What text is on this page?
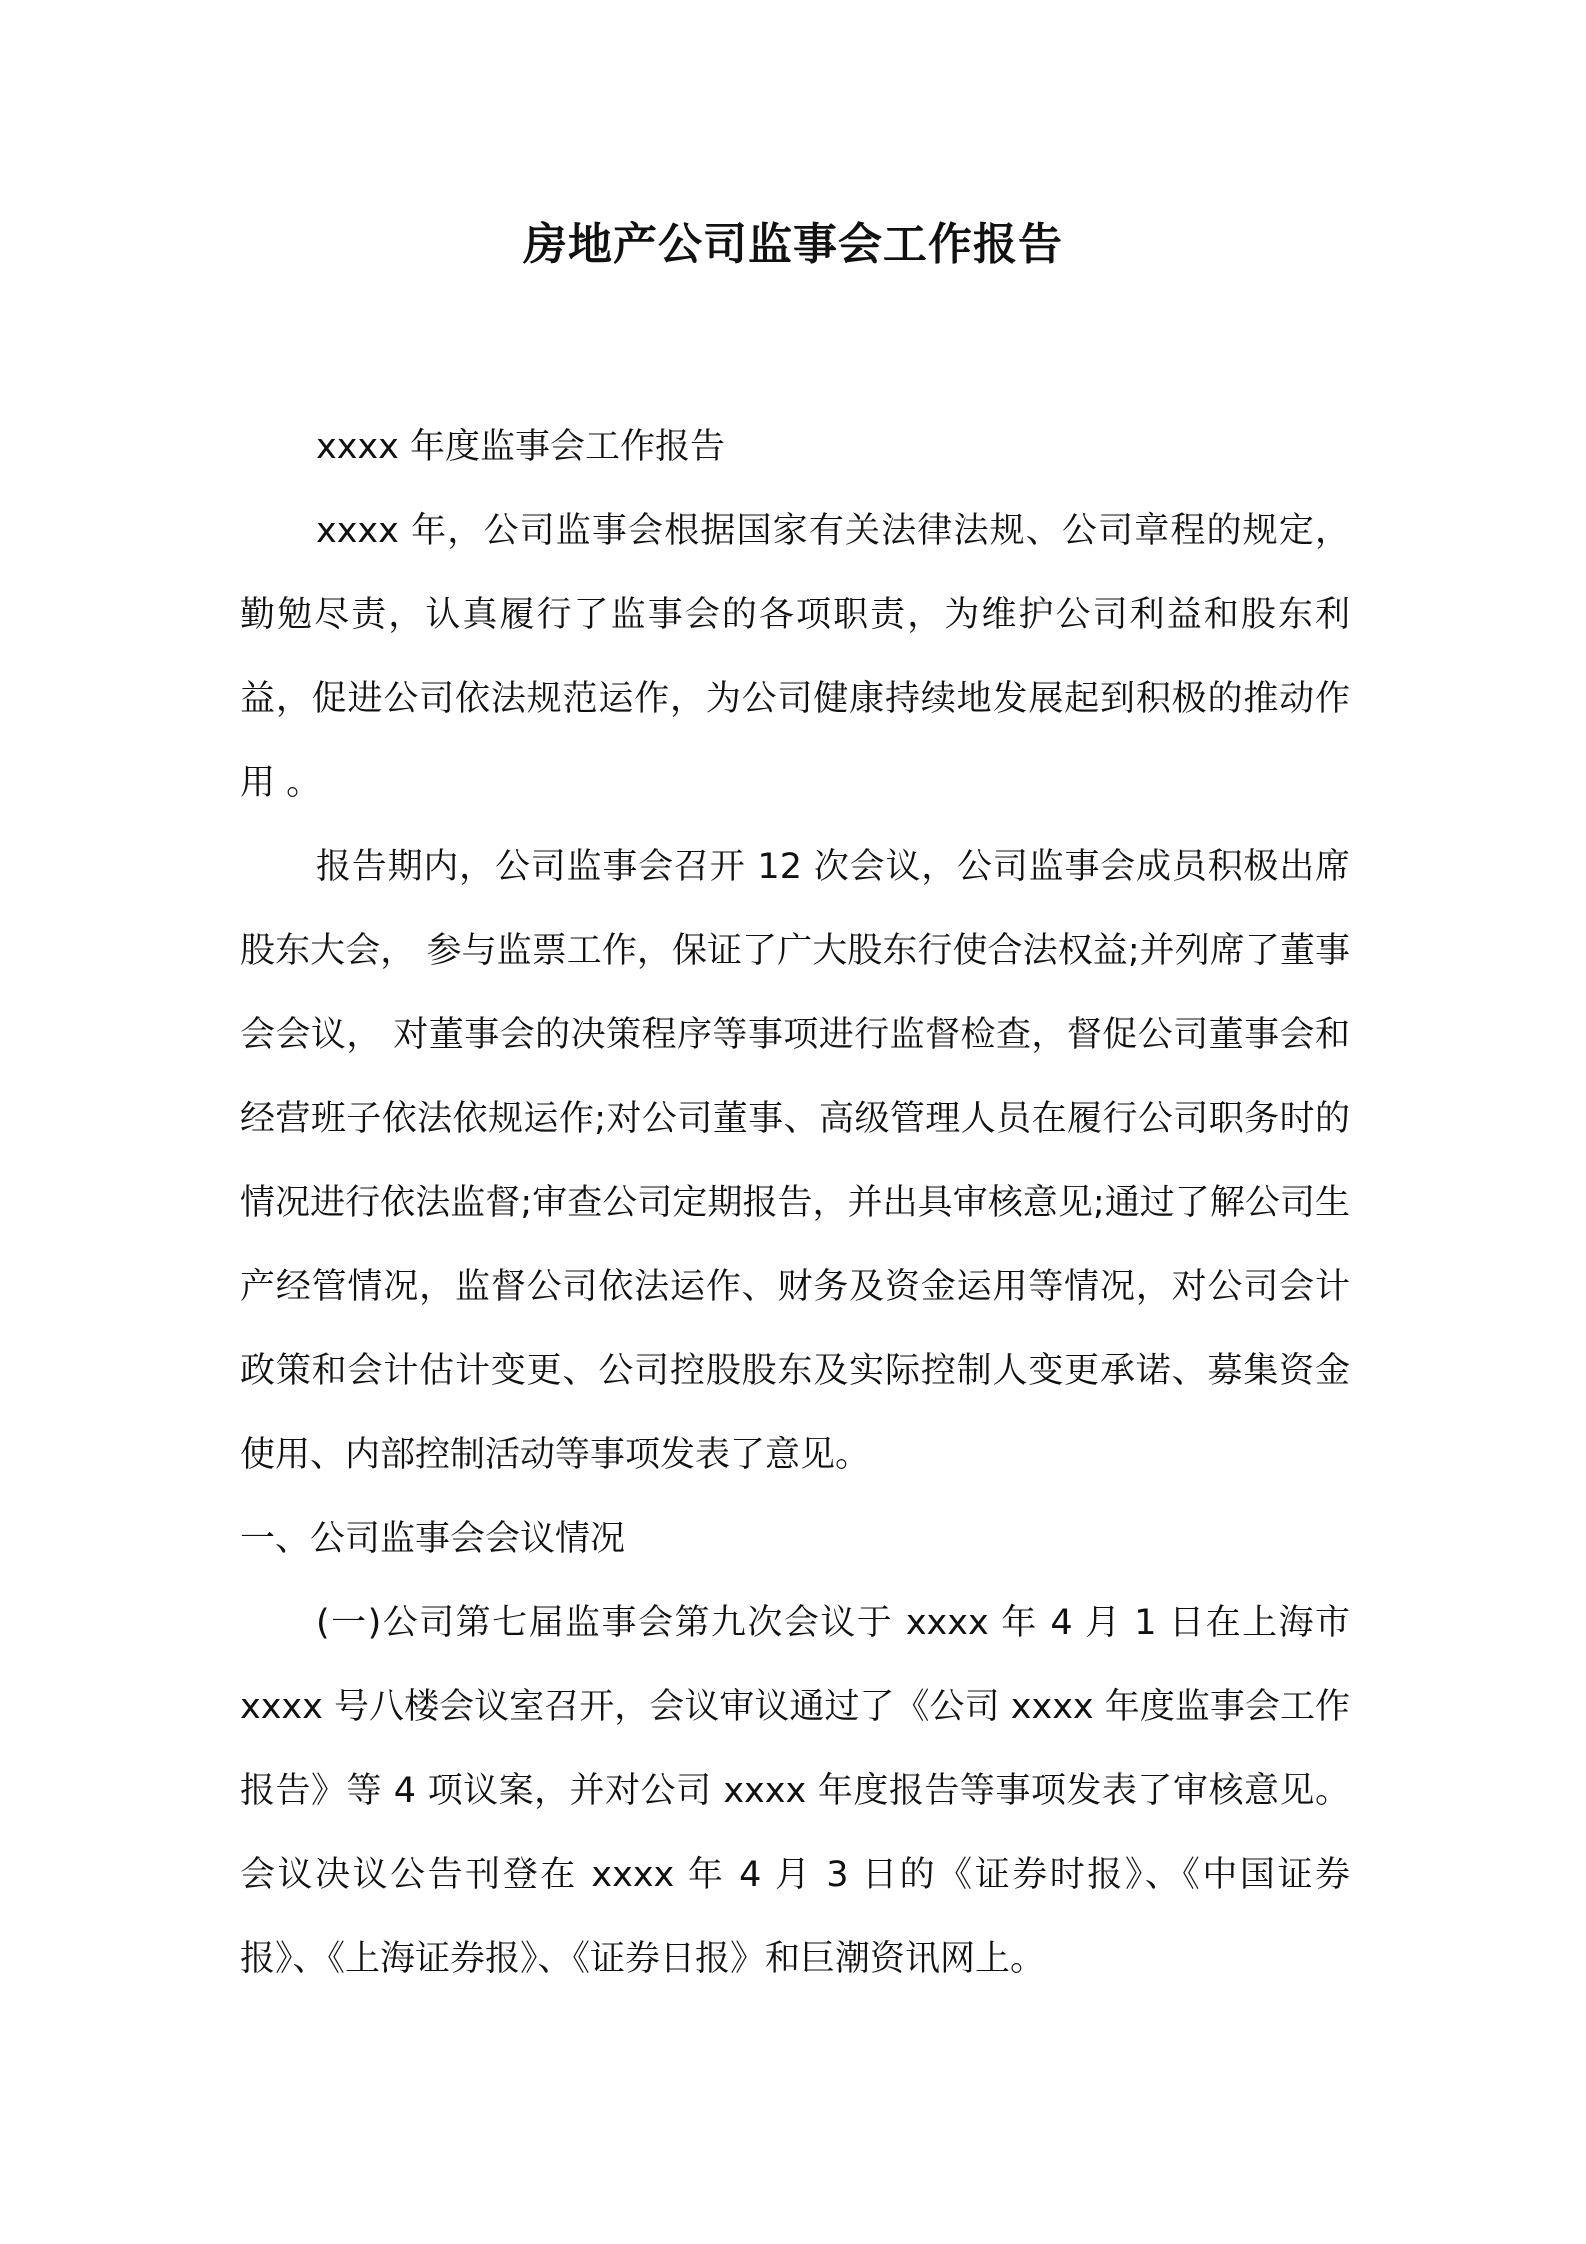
房地产公司监事会工作报告

xxxx 年度监事会工作报告

xxxx 年，公司监事会根据国家有关法律法规、公司章程的规定，勤勉尽责，认真履行了监事会的各项职责，为维护公司利益和股东利益，促进公司依法规范运作，为公司健康持续地发展起到积极的推动作用 。

报告期内，公司监事会召开 12 次会议，公司监事会成员积极出席股东大会， 参与监票工作，保证了广大股东行使合法权益;并列席了董事会会议， 对董事会的决策程序等事项进行监督检查，督促公司董事会和经营班子依法依规运作;对公司董事、高级管理人员在履行公司职务时的情况进行依法监督;审查公司定期报告，并出具审核意见;通过了解公司生产经管情况，监督公司依法运作、财务及资金运用等情况，对公司会计政策和会计估计变更、公司控股股东及实际控制人变更承诺、募集资金使用、内部控制活动等事项发表了意见。

一、公司监事会会议情况

(一)公司第七届监事会第九次会议于 xxxx 年 4 月 1 日在上海市 xxxx 号八楼会议室召开，会议审议通过了《公司 xxxx 年度监事会工作报告》等 4 项议案，并对公司 xxxx 年度报告等事项发表了审核意见。会议决议公告刊登在 xxxx 年 4 月 3 日的《证券时报》、《中国证券报》、《上海证券报》、《证券日报》和巨潮资讯网上。
